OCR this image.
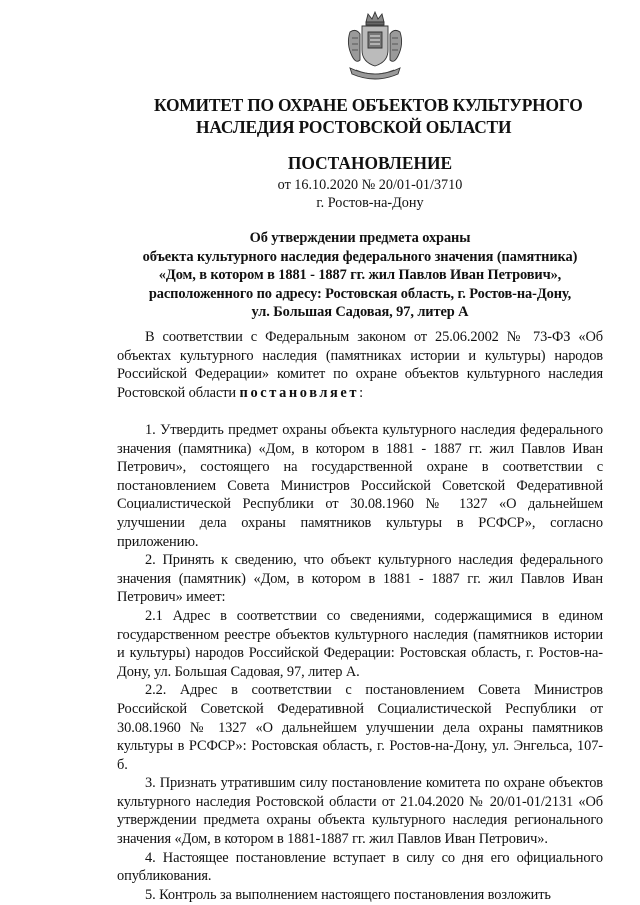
КОМИТЕТ ПО ОХРАНЕ ОБЪЕКТОВ КУЛЬТУРНОГО
НАСЛЕДИЯ РОСТОВСКОЙ ОБЛАСТИ
ПОСТАНОВЛЕНИЕ
от 16.10.2020 № 20/01-01/3710
г. Ростов-на-Дону
Об утверждении предмета охраны
объекта культурного наследия федерального значения (памятника)
«Дом, в котором в 1881 - 1887 гг. жил Павлов Иван Петрович»,
расположенного по адресу: Ростовская область, г. Ростов-на-Дону,
ул. Большая Садовая, 97, литер А

В соответствии с Федеральным законом от 25.06.2002 № 73-ФЗ «Об объектах культурного наследия (памятниках истории и культуры) народов Российской Федерации» комитет по охране объектов культурного наследия Ростовской области постановляет:

1. Утвердить предмет охраны объекта культурного наследия федерального значения (памятника) «Дом, в котором в 1881 - 1887 гг. жил Павлов Иван Петрович», состоящего на государственной охране в соответствии с постановлением Совета Министров Российской Советской Федеративной Социалистической Республики от 30.08.1960 № 1327 «О дальнейшем улучшении дела охраны памятников культуры в РСФСР», согласно приложению.

2. Принять к сведению, что объект культурного наследия федерального значения (памятник) «Дом, в котором в 1881 - 1887 гг. жил Павлов Иван Петрович» имеет:

2.1 Адрес в соответствии со сведениями, содержащимися в едином государственном реестре объектов культурного наследия (памятников истории и культуры) народов Российской Федерации: Ростовская область, г. Ростов-на-Дону, ул. Большая Садовая, 97, литер А.

2.2. Адрес в соответствии с постановлением Совета Министров Российской Советской Федеративной Социалистической Республики от 30.08.1960 № 1327 «О дальнейшем улучшении дела охраны памятников культуры в РСФСР»: Ростовская область, г. Ростов-на-Дону, ул. Энгельса, 107-б.

3. Признать утратившим силу постановление комитета по охране объектов культурного наследия Ростовской области от 21.04.2020 № 20/01-01/2131 «Об утверждении предмета охраны объекта культурного наследия регионального значения «Дом, в котором в 1881-1887 гг. жил Павлов Иван Петрович».

4. Настоящее постановление вступает в силу со дня его официального опубликования.

5. Контроль за выполнением настоящего постановления возложить
